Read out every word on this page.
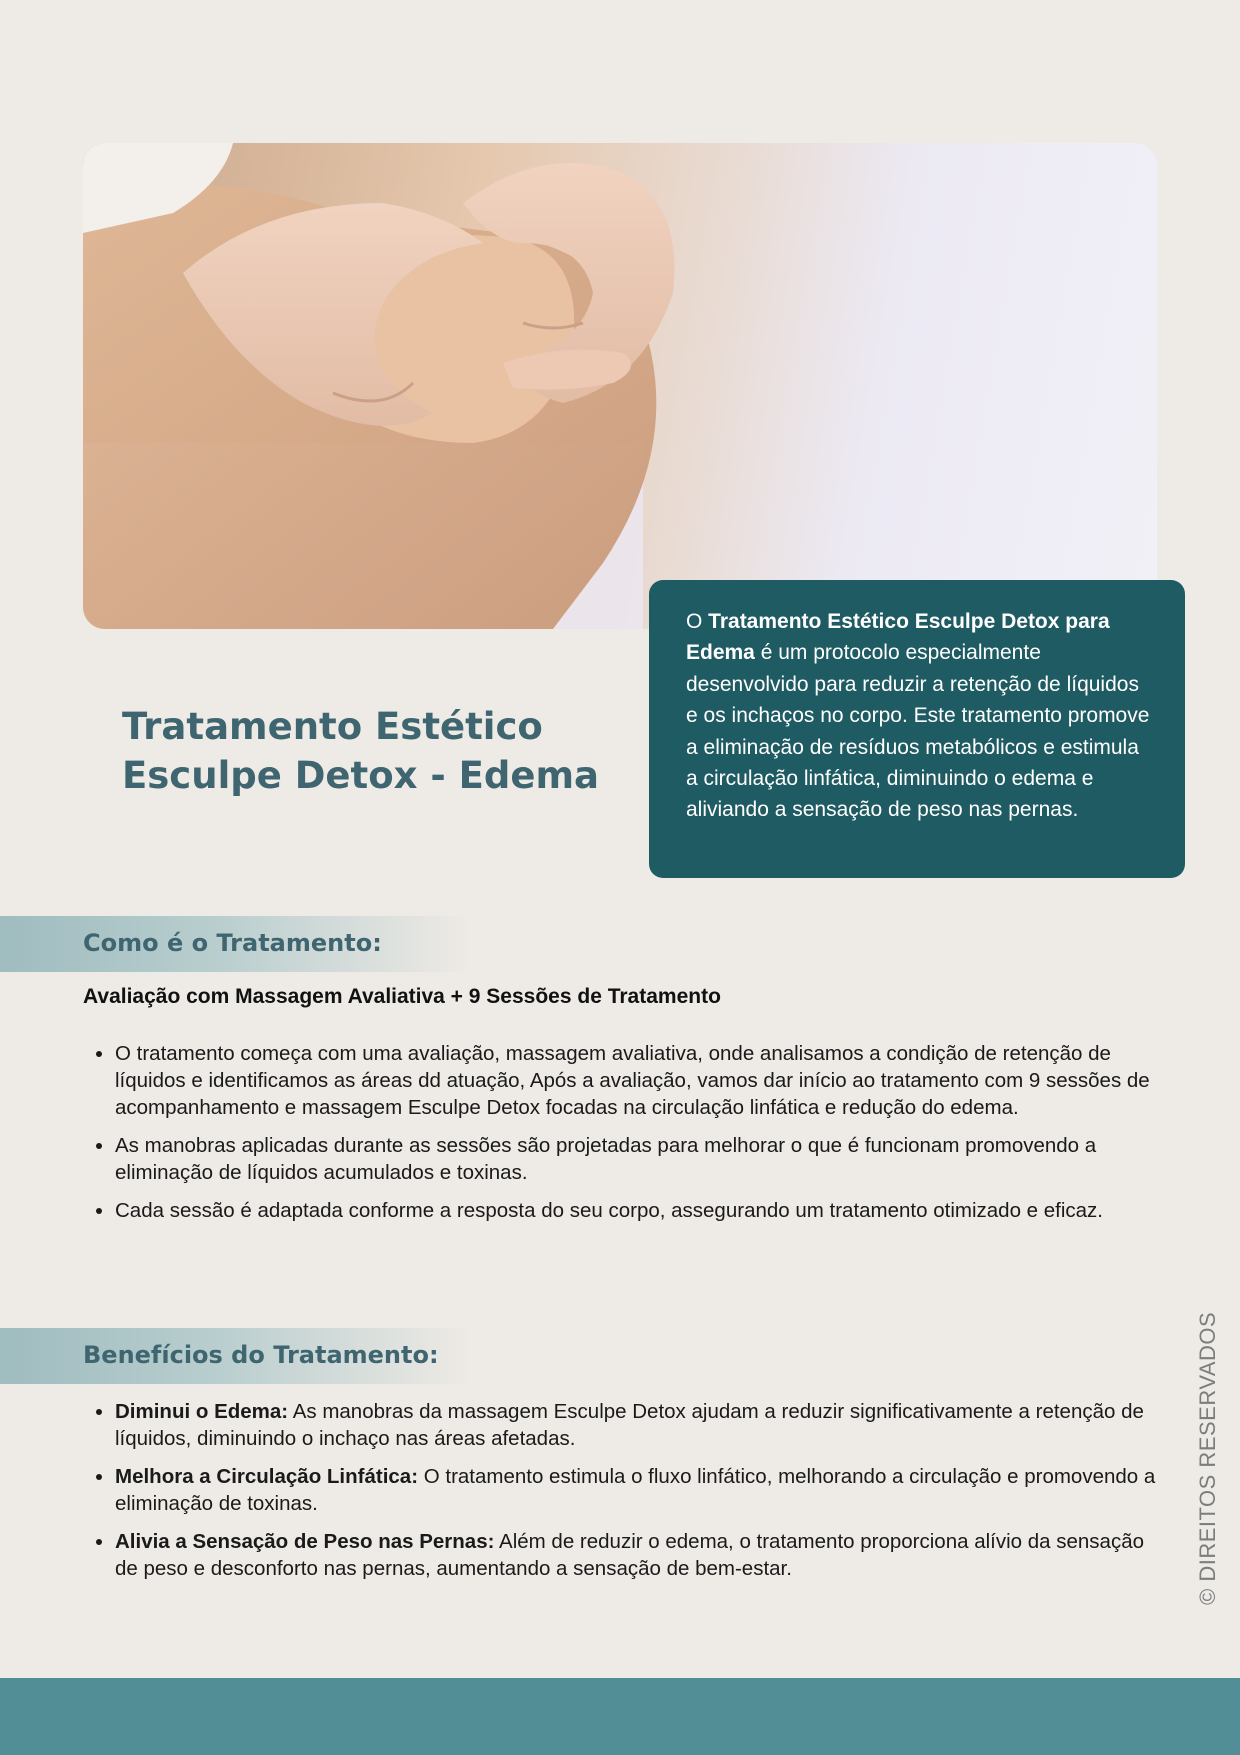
O Tratamento Estético Esculpe Detox para Edema é um protocolo especialmente desenvolvido para reduzir a retenção de líquidos e os inchaços no corpo. Este tratamento promove a eliminação de resíduos metabólicos e estimula a circulação linfática, diminuindo o edema e aliviando a sensação de peso nas pernas.
Tratamento Estético
Esculpe Detox - Edema
Como é o Tratamento:

Avaliação com Massagem Avaliativa + 9 Sessões de Tratamento

• O tratamento começa com uma avaliação, massagem avaliativa, onde analisamos a condição de retenção de líquidos e identificamos as áreas dd atuação, Após a avaliação, vamos dar início ao tratamento com 9 sessões de acompanhamento e massagem Esculpe Detox focadas na circulação linfática e redução do edema.
• As manobras aplicadas durante as sessões são projetadas para melhorar o que é funcionam promovendo a eliminação de líquidos acumulados e toxinas.
• Cada sessão é adaptada conforme a resposta do seu corpo, assegurando um tratamento otimizado e eficaz.
Benefícios do Tratamento:
• Diminui o Edema: As manobras da massagem Esculpe Detox ajudam a reduzir significativamente a retenção de líquidos, diminuindo o inchaço nas áreas afetadas.
• Melhora a Circulação Linfática: O tratamento estimula o fluxo linfático, melhorando a circulação e promovendo a eliminação de toxinas.
• Alivia a Sensação de Peso nas Pernas: Além de reduzir o edema, o tratamento proporciona alívio da sensação de peso e desconforto nas pernas, aumentando a sensação de bem-estar.	© DIREITOS RESERVADOS
